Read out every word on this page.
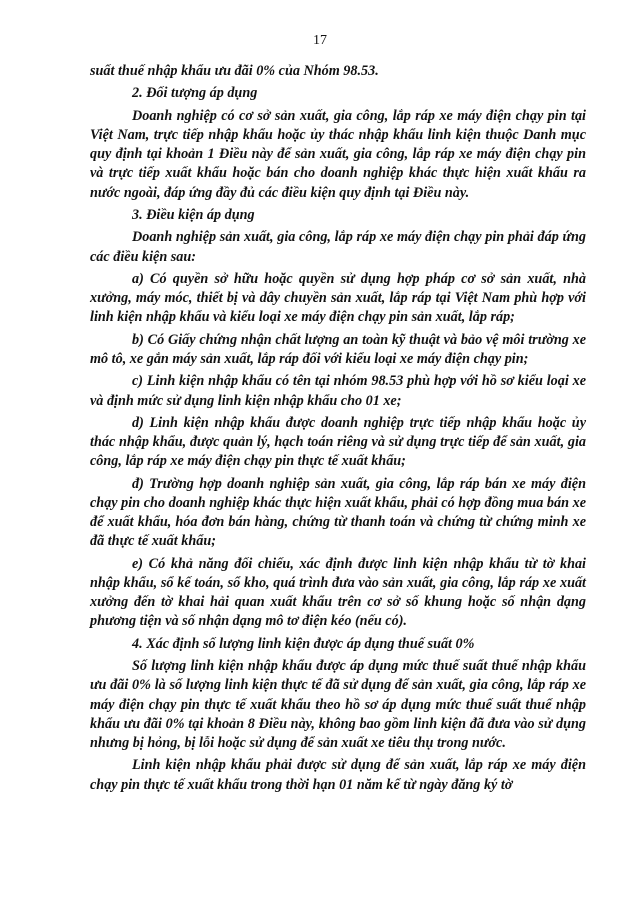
17

suất thuế nhập khẩu ưu đãi 0% của Nhóm 98.53.

2. Đối tượng áp dụng

Doanh nghiệp có cơ sở sản xuất, gia công, lắp ráp xe máy điện chạy pin tại Việt Nam, trực tiếp nhập khẩu hoặc ủy thác nhập khẩu linh kiện thuộc Danh mục quy định tại khoản 1 Điều này để sản xuất, gia công, lắp ráp xe máy điện chạy pin và trực tiếp xuất khẩu hoặc bán cho doanh nghiệp khác thực hiện xuất khẩu ra nước ngoài, đáp ứng đầy đủ các điều kiện quy định tại Điều này.

3. Điều kiện áp dụng

Doanh nghiệp sản xuất, gia công, lắp ráp xe máy điện chạy pin phải đáp ứng các điều kiện sau:

a) Có quyền sở hữu hoặc quyền sử dụng hợp pháp cơ sở sản xuất, nhà xưởng, máy móc, thiết bị và dây chuyền sản xuất, lắp ráp tại Việt Nam phù hợp với linh kiện nhập khẩu và kiểu loại xe máy điện chạy pin sản xuất, lắp ráp;

b) Có Giấy chứng nhận chất lượng an toàn kỹ thuật và bảo vệ môi trường xe mô tô, xe gắn máy sản xuất, lắp ráp đối với kiểu loại xe máy điện chạy pin;

c) Linh kiện nhập khẩu có tên tại nhóm 98.53 phù hợp với hồ sơ kiểu loại xe và định mức sử dụng linh kiện nhập khẩu cho 01 xe;

d) Linh kiện nhập khẩu được doanh nghiệp trực tiếp nhập khẩu hoặc ủy thác nhập khẩu, được quản lý, hạch toán riêng và sử dụng trực tiếp để sản xuất, gia công, lắp ráp xe máy điện chạy pin thực tế xuất khẩu;

đ) Trường hợp doanh nghiệp sản xuất, gia công, lắp ráp bán xe máy điện chạy pin cho doanh nghiệp khác thực hiện xuất khẩu, phải có hợp đồng mua bán xe để xuất khẩu, hóa đơn bán hàng, chứng từ thanh toán và chứng từ chứng minh xe đã thực tế xuất khẩu;

e) Có khả năng đối chiếu, xác định được linh kiện nhập khẩu từ tờ khai nhập khẩu, sổ kế toán, sổ kho, quá trình đưa vào sản xuất, gia công, lắp ráp xe xuất xưởng đến tờ khai hải quan xuất khẩu trên cơ sở số khung hoặc số nhận dạng phương tiện và số nhận dạng mô tơ điện kéo (nếu có).

4. Xác định số lượng linh kiện được áp dụng thuế suất 0%

Số lượng linh kiện nhập khẩu được áp dụng mức thuế suất thuế nhập khẩu ưu đãi 0% là số lượng linh kiện thực tế đã sử dụng để sản xuất, gia công, lắp ráp xe máy điện chạy pin thực tế xuất khẩu theo hồ sơ áp dụng mức thuế suất thuế nhập khẩu ưu đãi 0% tại khoản 8 Điều này, không bao gồm linh kiện đã đưa vào sử dụng nhưng bị hỏng, bị lỗi hoặc sử dụng để sản xuất xe tiêu thụ trong nước.

Linh kiện nhập khẩu phải được sử dụng để sản xuất, lắp ráp xe máy điện chạy pin thực tế xuất khẩu trong thời hạn 01 năm kể từ ngày đăng ký tờ
